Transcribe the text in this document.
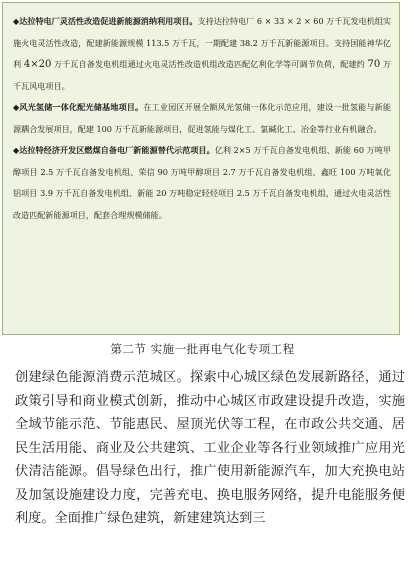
◆达拉特电厂灵活性改造促进新能源消纳利用项目。支持达拉特电厂 6 × 33 × 2 × 60 万千瓦发电机组实施火电灵活性改造，配建新能源规模 113.5 万千瓦，一期配建 38.2 万千瓦新能源项目。支持国能神华亿利 4×20 万千瓦自备发电机组通过火电灵活性改造机组改造匹配亿利化学等可调节负荷，配建约 70 万千瓦风电项目。

◆风光氢储一体化配光储基地项目。在工业园区开展全额风光氢储一体化示范应用，建设一批氢能与新能源耦合发展项目，配建 100 万千瓦新能源项目，促进氢能与煤化工、氯碱化工、冶金等行业有机融合。

◆达拉特经济开发区燃煤自备电厂新能源替代示范项目。亿利 2×5 万千瓦自备发电机组、新能 60 万吨甲醇项目 2.5 万千瓦自备发电机组、荣信 90 万吨甲醇项目 2.7 万千瓦自备发电机组、鑫旺 100 万吨氧化铝项目 3.9 万千瓦自备发电机组、新能 20 万吨稳定轻烃项目 2.5 万千瓦自备发电机组，通过火电灵活性改造匹配新能源项目，配套合理规模储能。

第二节 实施一批再电气化专项工程

创建绿色能源消费示范城区。探索中心城区绿色发展新路径，通过政策引导和商业模式创新，推动中心城区市政建设提升改造，实施全域节能示范、节能惠民、屋顶光伏等工程，在市政公共交通、居民生活用能、商业及公共建筑、工业企业等各行业领域推广应用光伏清洁能源。倡导绿色出行，推广使用新能源汽车，加大充换电站及加氢设施建设力度，完善充电、换电服务网络，提升电能服务便利度。全面推广绿色建筑，新建建筑达到三
